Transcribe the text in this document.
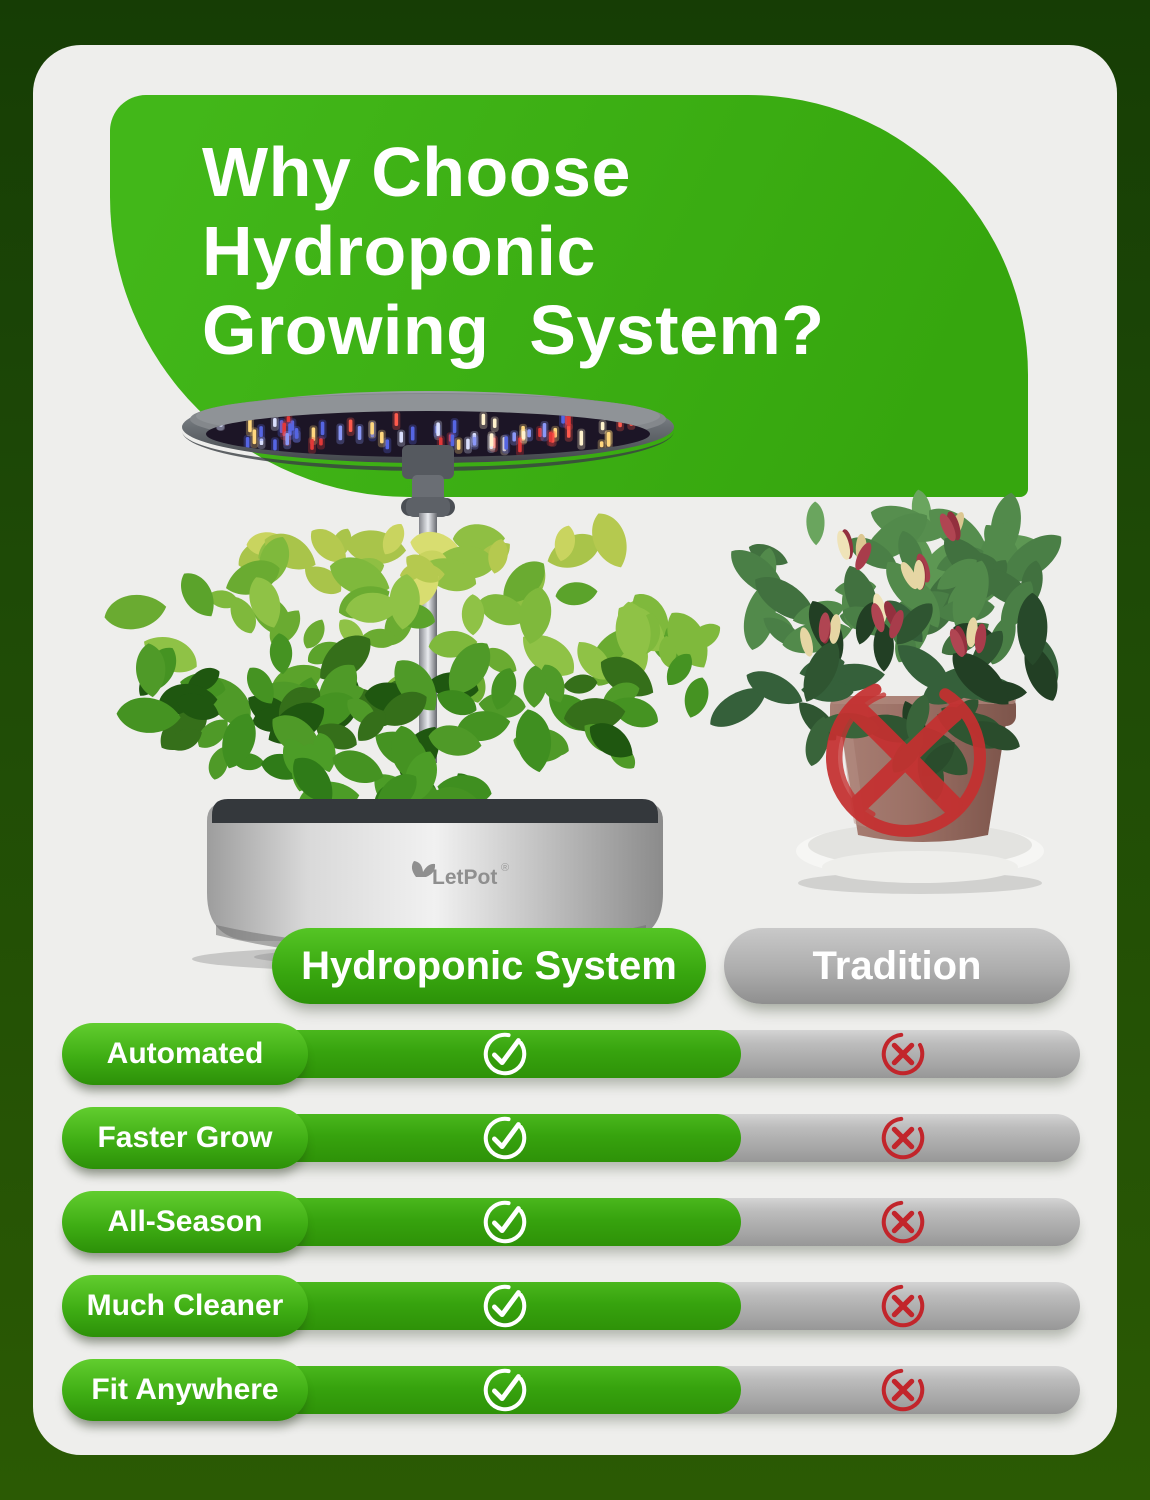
Why Choose
Hydroponic
Growing  System?
LetPot ®
Hydroponic System	Tradition
Automated
Faster Grow
All-Season
Much Cleaner
Fit Anywhere
